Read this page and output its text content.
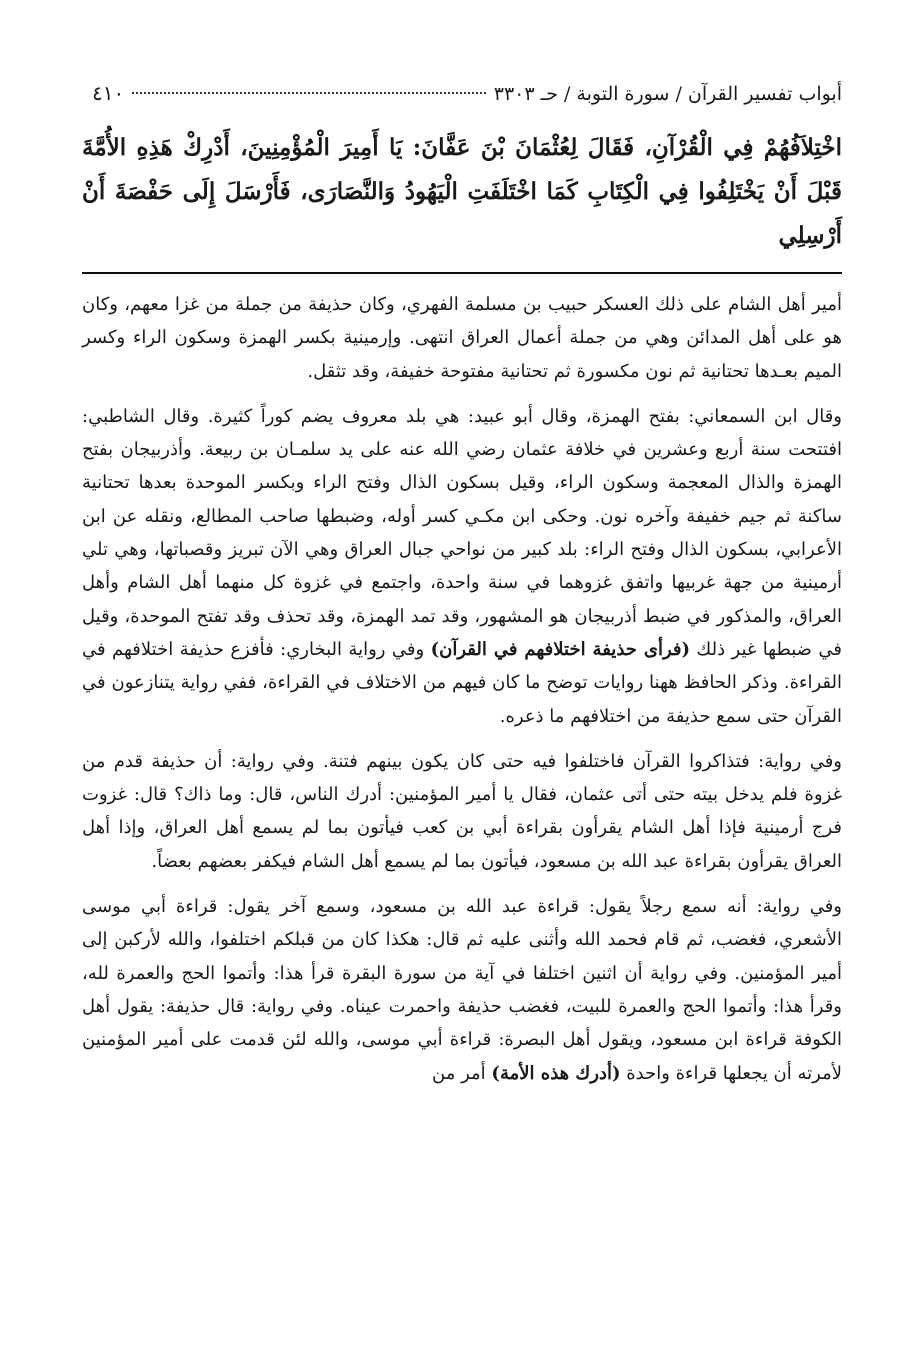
أبواب تفسير القرآن / سورة التوبة / حـ ٣٣٠٣
٤١٠
اخْتِلاَفُهُمْ فِي الْقُرْآنِ، فَقَالَ لِعُثْمَانَ بْنَ عَفَّانَ: يَا أَمِيرَ الْمُؤْمِنِينَ، أَدْرِكْ هَذِهِ الأُمَّةَ قَبْلَ أَنْ يَخْتَلِفُوا فِي الْكِتَابِ كَمَا اخْتَلَفَتِ الْيَهُودُ وَالنَّصَارَى، فَأَرْسَلَ إِلَى حَفْصَةَ أَنْ أَرْسِلِي

أمير أهل الشام على ذلك العسكر حبيب بن مسلمة الفهري، وكان حذيفة من جملة من غزا معهم، وكان هو على أهل المدائن وهي من جملة أعمال العراق انتهى. وإرمينية بكسر الهمزة وسكون الراء وكسر الميم بعـدها تحتانية ثم نون مكسورة ثم تحتانية مفتوحة خفيفة، وقد تثقل.

وقال ابن السمعاني: بفتح الهمزة، وقال أبو عبيد: هي بلد معروف يضم كوراً كثيرة. وقال الشاطبي: افتتحت سنة أربع وعشرين في خلافة عثمان رضي الله عنه على يد سلمـان بن ربيعة. وأذربيجان بفتح الهمزة والذال المعجمة وسكون الراء، وقيل بسكون الذال وفتح الراء وبكسر الموحدة بعدها تحتانية ساكنة ثم جيم خفيفة وآخره نون. وحكى ابن مكـي كسر أوله، وضبطها صاحب المطالع، ونقله عن ابن الأعرابي، بسكون الذال وفتح الراء: بلد كبير من نواحي جبال العراق وهي الآن تبريز وقصباتها، وهي تلي أرمينية من جهة غربيها واتفق غزوهما في سنة واحدة، واجتمع في غزوة كل منهما أهل الشام وأهل العراق، والمذكور في ضبط أذربيجان هو المشهور، وقد تمد الهمزة، وقد تحذف وقد تفتح الموحدة، وقيل في ضبطها غير ذلك (فرأى حذيفة اختلافهم في القرآن) وفي رواية البخاري: فأفزع حذيفة اختلافهم في القراءة. وذكر الحافظ ههنا روايات توضح ما كان فيهم من الاختلاف في القراءة، ففي رواية يتنازعون في القرآن حتى سمع حذيفة من اختلافهم ما ذعره.

وفي رواية: فتذاكروا القرآن فاختلفوا فيه حتى كان يكون بينهم فتنة. وفي رواية: أن حذيفة قدم من غزوة فلم يدخل بيته حتى أتى عثمان، فقال يا أمير المؤمنين: أدرك الناس، قال: وما ذاك؟ قال: غزوت فرج أرمينية فإذا أهل الشام يقرأون بقراءة أبي بن كعب فيأتون بما لم يسمع أهل العراق، وإذا أهل العراق يقرأون بقراءة عبد الله بن مسعود، فيأتون بما لم يسمع أهل الشام فيكفر بعضهم بعضاً.

وفي رواية: أنه سمع رجلاً يقول: قراءة عبد الله بن مسعود، وسمع آخر يقول: قراءة أبي موسى الأشعري، فغضب، ثم قام فحمد الله وأثنى عليه ثم قال: هكذا كان من قبلكم اختلفوا، والله لأركبن إلى أمير المؤمنين. وفي رواية أن اثنين اختلفا في آية من سورة البقرة قرأ هذا: وأتموا الحج والعمرة لله، وقرأ هذا: وأتموا الحج والعمرة للبيت، فغضب حذيفة واحمرت عيناه. وفي رواية: قال حذيفة: يقول أهل الكوفة قراءة ابن مسعود، ويقول أهل البصرة: قراءة أبي موسى، والله لئن قدمت على أمير المؤمنين لأمرته أن يجعلها قراءة واحدة (أدرك هذه الأمة) أمر من
